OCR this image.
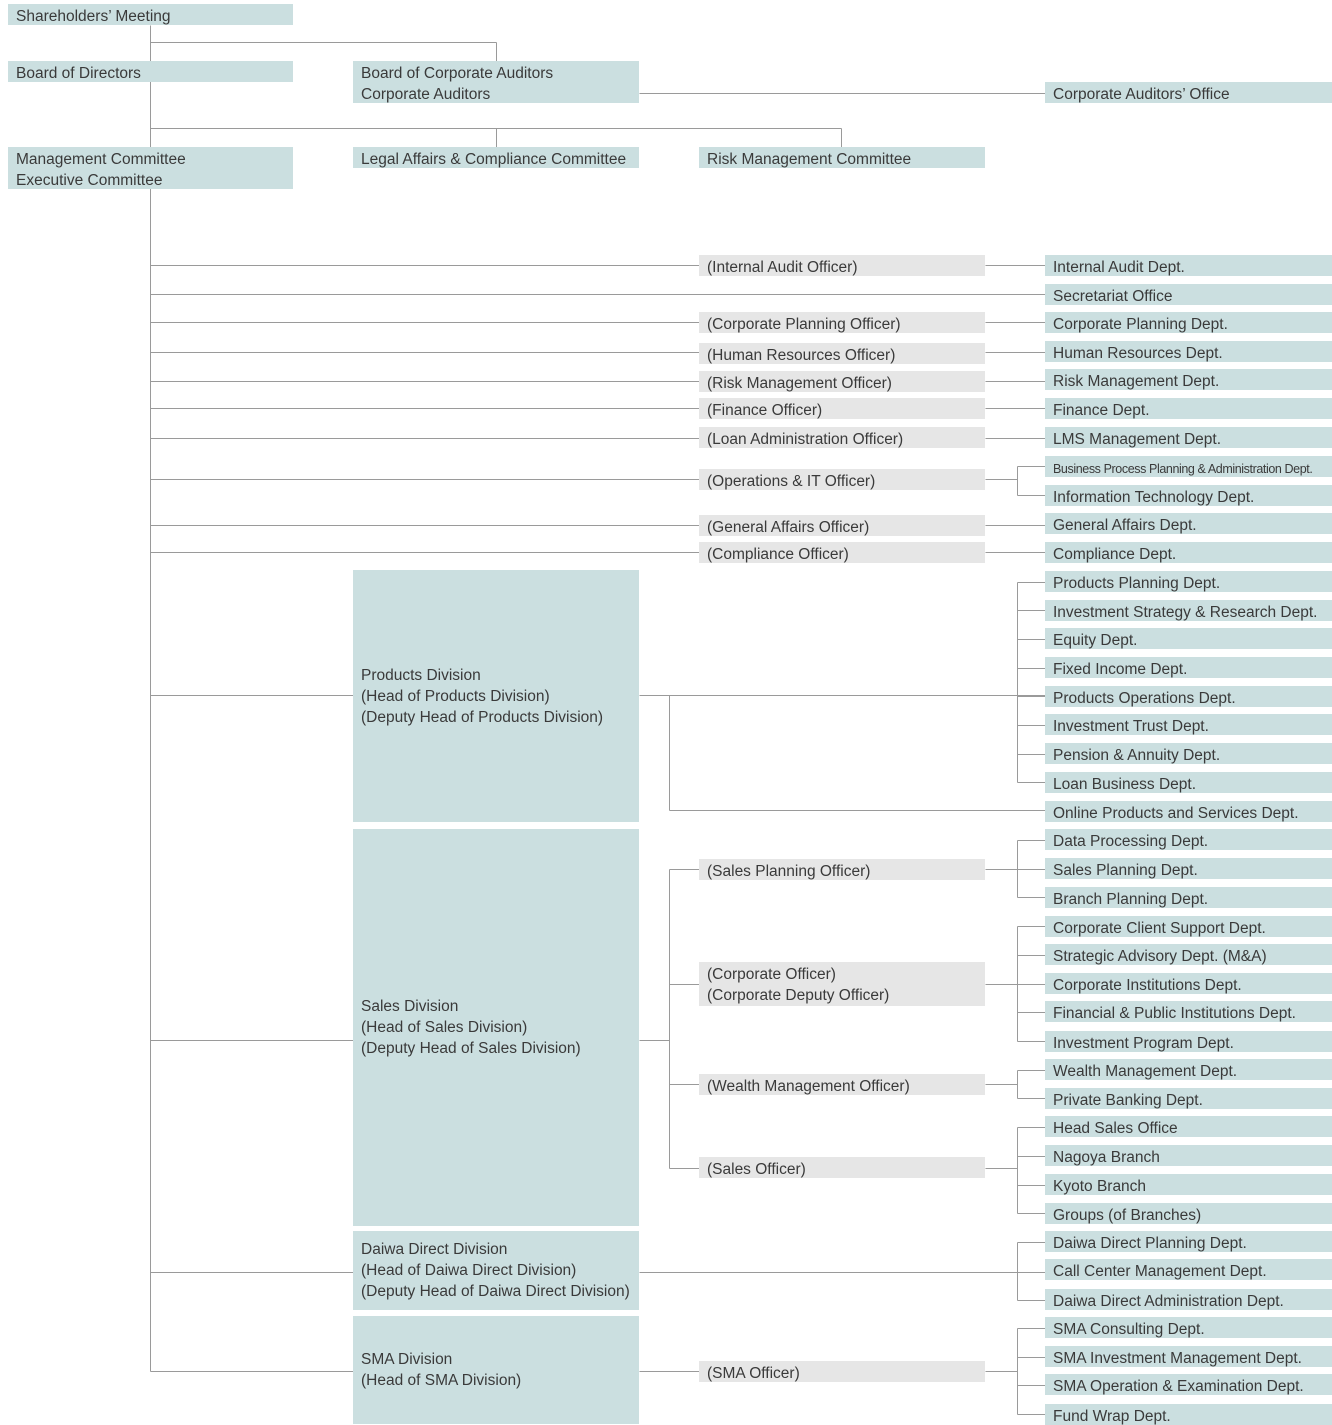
Shareholders’ Meeting
Board of Directors	Board of Corporate Auditors
Corporate Auditors	Corporate Auditors’ Office
Management Committee
Executive Committee
Legal Affairs & Compliance Committee	Risk Management Committee
(Internal Audit Officer)
(Corporate Planning Officer)
(Human Resources Officer)
(Risk Management Officer)
(Finance Officer)
(Loan Administration Officer)
(Operations & IT Officer)
(General Affairs Officer)
(Compliance Officer)
(Sales Planning Officer)
(Corporate Officer)
(Corporate Deputy Officer)
(Wealth Management Officer)
(Sales Officer)
(SMA Officer)
Products Division
(Head of Products Division)
(Deputy Head of Products Division)
Sales Division
(Head of Sales Division)
(Deputy Head of Sales Division)
Daiwa Direct Division
(Head of Daiwa Direct Division)
(Deputy Head of Daiwa Direct Division)
SMA Division
(Head of SMA Division)
Internal Audit Dept.
Secretariat Office
Corporate Planning Dept.
Human Resources Dept.
Risk Management Dept.
Finance Dept.
LMS Management Dept.
Business Process Planning & Administration Dept.
Information Technology Dept.
General Affairs Dept.
Compliance Dept.
Products Planning Dept.
Investment Strategy & Research Dept.
Equity Dept.
Fixed Income Dept.
Products Operations Dept.
Investment Trust Dept.
Pension & Annuity Dept.
Loan Business Dept.
Online Products and Services Dept.
Data Processing Dept.
Sales Planning Dept.
Branch Planning Dept.
Corporate Client Support Dept.
Strategic Advisory Dept. (M&A)
Corporate Institutions Dept.
Financial & Public Institutions Dept.
Investment Program Dept.
Wealth Management Dept.
Private Banking Dept.
Head Sales Office
Nagoya Branch
Kyoto Branch
Groups (of Branches)
Daiwa Direct Planning Dept.
Call Center Management Dept.
Daiwa Direct Administration Dept.
SMA Consulting Dept.
SMA Investment Management Dept.
SMA Operation & Examination Dept.
Fund Wrap Dept.
